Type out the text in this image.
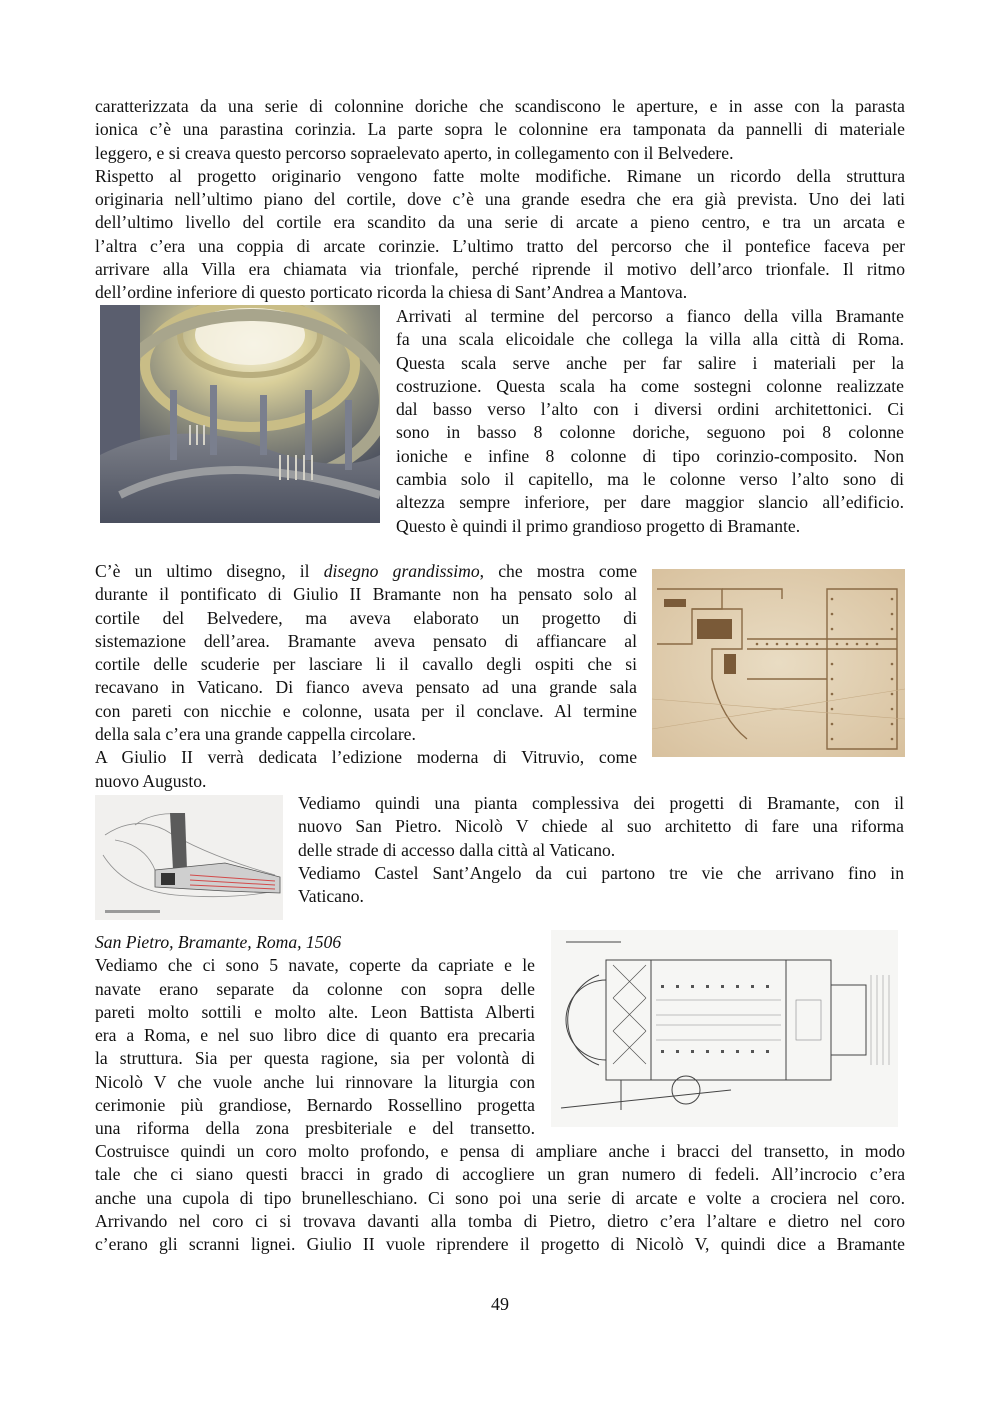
caratterizzata da una serie di colonnine doriche che scandiscono le aperture, e in asse con la parasta
ionica c’è una parastina corinzia. La parte sopra le colonnine era tamponata da pannelli di materiale
leggero, e si creava questo percorso sopraelevato aperto, in collegamento con il Belvedere.
Rispetto al progetto originario vengono fatte molte modifiche. Rimane un ricordo della struttura
originaria nell’ultimo piano del cortile, dove c’è una grande esedra che era già prevista. Uno dei lati
dell’ultimo livello del cortile era scandito da una serie di arcate a pieno centro, e tra un arcata e
l’altra c’era una coppia di arcate corinzie. L’ultimo tratto del percorso che il pontefice faceva per
arrivare alla Villa era chiamata via trionfale, perché riprende il motivo dell’arco trionfale. Il ritmo
dell’ordine inferiore di questo porticato ricorda la chiesa di Sant’Andrea a Mantova.
Arrivati al termine del percorso a fianco della villa Bramante
fa una scala elicoidale che collega la villa alla città di Roma.
Questa scala serve anche per far salire i materiali per la
costruzione. Questa scala ha come sostegni colonne realizzate
dal basso verso l’alto con i diversi ordini architettonici. Ci
sono in basso 8 colonne doriche, seguono poi 8 colonne
ioniche e infine 8 colonne di tipo corinzio-composito. Non
cambia solo il capitello, ma le colonne verso l’alto sono di
altezza sempre inferiore, per dare maggior slancio all’edificio.
Questo è quindi il primo grandioso progetto di Bramante.
C’è un ultimo disegno, il disegno grandissimo, che mostra come
durante il pontificato di Giulio II Bramante non ha pensato solo al
cortile del Belvedere, ma aveva elaborato un progetto di
sistemazione dell’area. Bramante aveva pensato di affiancare al
cortile delle scuderie per lasciare li il cavallo degli ospiti che si
recavano in Vaticano. Di fianco aveva pensato ad una grande sala
con pareti con nicchie e colonne, usata per il conclave. Al termine
della sala c’era una grande cappella circolare.
A Giulio II verrà dedicata l’edizione moderna di Vitruvio, come
nuovo Augusto.
Vediamo quindi una pianta complessiva dei progetti di Bramante, con il
nuovo San Pietro. Nicolò V chiede al suo architetto di fare una riforma
delle strade di accesso dalla città al Vaticano.
Vediamo Castel Sant’Angelo da cui partono tre vie che arrivano fino in
Vaticano.
San Pietro, Bramante, Roma, 1506
Vediamo che ci sono 5 navate, coperte da capriate e le
navate erano separate da colonne con sopra delle
pareti molto sottili e molto alte. Leon Battista Alberti
era a Roma, e nel suo libro dice di quanto era precaria
la struttura. Sia per questa ragione, sia per volontà di
Nicolò V che vuole anche lui rinnovare la liturgia con
cerimonie più grandiose, Bernardo Rossellino progetta
una riforma della zona presbiteriale e del transetto.
Costruisce quindi un coro molto profondo, e pensa di ampliare anche i bracci del transetto, in modo
tale che ci siano questi bracci in grado di accogliere un gran numero di fedeli. All’incrocio c’era
anche una cupola di tipo brunelleschiano. Ci sono poi una serie di arcate e volte a crociera nel coro.
Arrivando nel coro ci si trovava davanti alla tomba di Pietro, dietro c’era l’altare e dietro nel coro
c’erano gli scranni lignei. Giulio II vuole riprendere il progetto di Nicolò V, quindi dice a Bramante
49
